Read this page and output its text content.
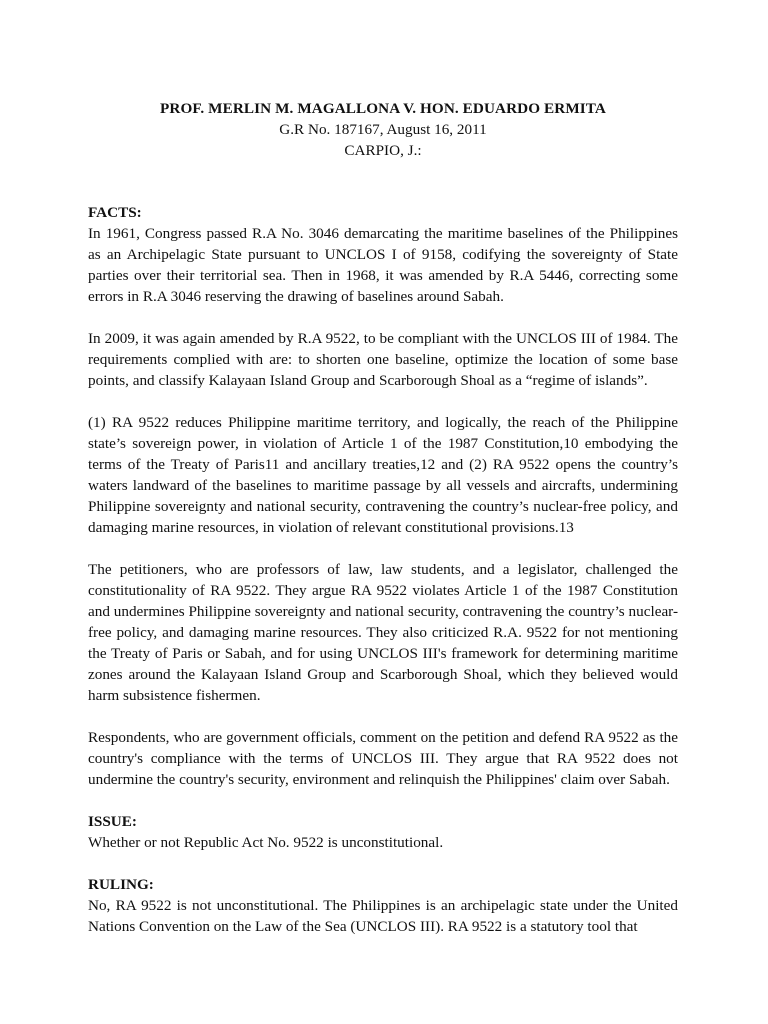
PROF. MERLIN M. MAGALLONA V. HON. EDUARDO ERMITA
G.R No. 187167, August 16, 2011
CARPIO, J.:
FACTS:

In 1961, Congress passed R.A No. 3046 demarcating the maritime baselines of the Philippines as an Archipelagic State pursuant to UNCLOS I of 9158, codifying the sovereignty of State parties over their territorial sea. Then in 1968, it was amended by R.A 5446, correcting some errors in R.A 3046 reserving the drawing of baselines around Sabah.

In 2009, it was again amended by R.A 9522, to be compliant with the UNCLOS III of 1984. The requirements complied with are: to shorten one baseline, optimize the location of some base points, and classify Kalayaan Island Group and Scarborough Shoal as a “regime of islands”.

(1) RA 9522 reduces Philippine maritime territory, and logically, the reach of the Philippine state’s sovereign power, in violation of Article 1 of the 1987 Constitution,10 embodying the terms of the Treaty of Paris11 and ancillary treaties,12 and (2) RA 9522 opens the country’s waters landward of the baselines to maritime passage by all vessels and aircrafts, undermining Philippine sovereignty and national security, contravening the country’s nuclear-free policy, and damaging marine resources, in violation of relevant constitutional provisions.13

The petitioners, who are professors of law, law students, and a legislator, challenged the constitutionality of RA 9522. They argue RA 9522 violates Article 1 of the 1987 Constitution and undermines Philippine sovereignty and national security, contravening the country’s nuclear-free policy, and damaging marine resources. They also criticized R.A. 9522 for not mentioning the Treaty of Paris or Sabah, and for using UNCLOS III's framework for determining maritime zones around the Kalayaan Island Group and Scarborough Shoal, which they believed would harm subsistence fishermen.

Respondents, who are government officials, comment on the petition and defend RA 9522 as the country's compliance with the terms of UNCLOS III. They argue that RA 9522 does not undermine the country's security, environment and relinquish the Philippines' claim over Sabah.

ISSUE:

Whether or not Republic Act No. 9522 is unconstitutional.

RULING:

No, RA 9522 is not unconstitutional. The Philippines is an archipelagic state under the United Nations Convention on the Law of the Sea (UNCLOS III). RA 9522 is a statutory tool that
